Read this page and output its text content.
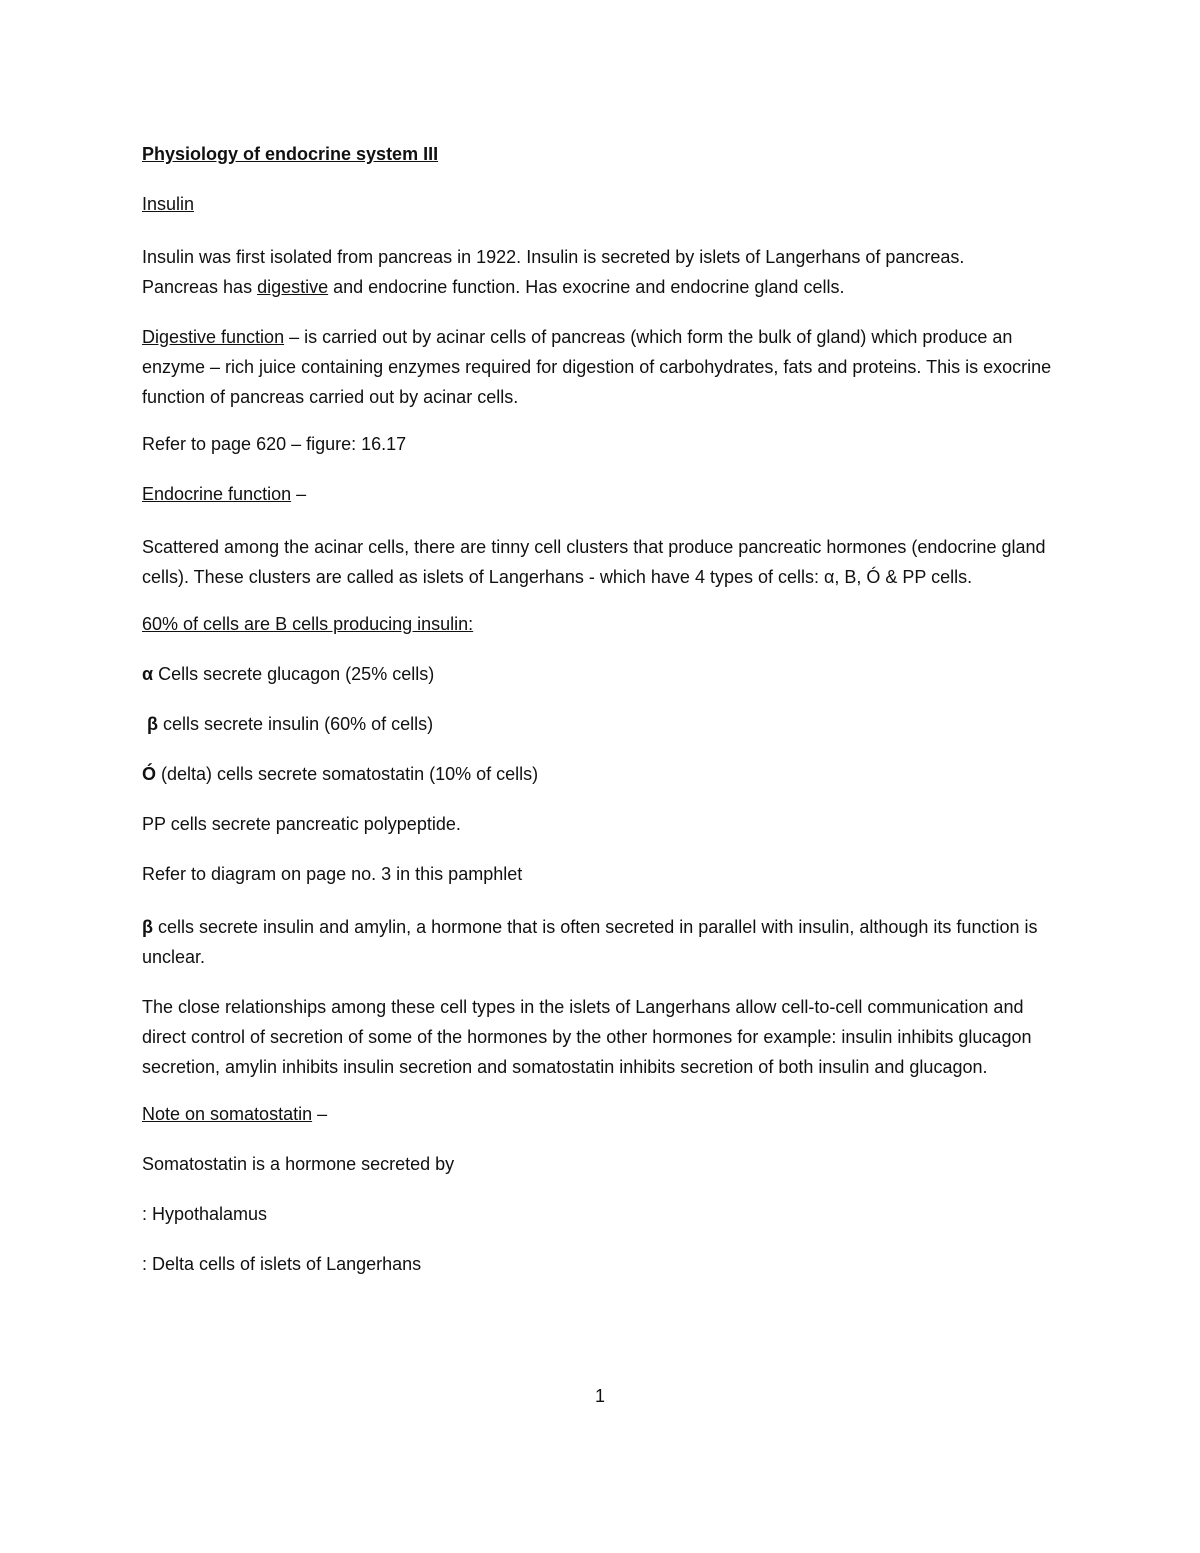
Physiology of endocrine system III

Insulin

Insulin was first isolated from pancreas in 1922. Insulin is secreted by islets of Langerhans of pancreas.
Pancreas has digestive and endocrine function. Has exocrine and endocrine gland cells.

Digestive function – is carried out by acinar cells of pancreas (which form the bulk of gland) which produce an enzyme – rich juice containing enzymes required for digestion of carbohydrates, fats and proteins. This is exocrine function of pancreas carried out by acinar cells.

Refer to page 620 – figure: 16.17

Endocrine function –

Scattered among the acinar cells, there are tinny cell clusters that produce pancreatic hormones (endocrine gland cells). These clusters are called as islets of Langerhans - which have 4 types of cells: α, B, Ó & PP cells.

60% of cells are B cells producing insulin:

α Cells secrete glucagon (25% cells)

β cells secrete insulin (60% of cells)

Ó (delta) cells secrete somatostatin (10% of cells)

PP cells secrete pancreatic polypeptide.

Refer to diagram on page no. 3 in this pamphlet

β cells secrete insulin and amylin, a hormone that is often secreted in parallel with insulin, although its function is unclear.

The close relationships among these cell types in the islets of Langerhans allow cell-to-cell communication and direct control of secretion of some of the hormones by the other hormones for example: insulin inhibits glucagon secretion, amylin inhibits insulin secretion and somatostatin inhibits secretion of both insulin and glucagon.

Note on somatostatin –

Somatostatin is a hormone secreted by

: Hypothalamus

: Delta cells of islets of Langerhans

1
